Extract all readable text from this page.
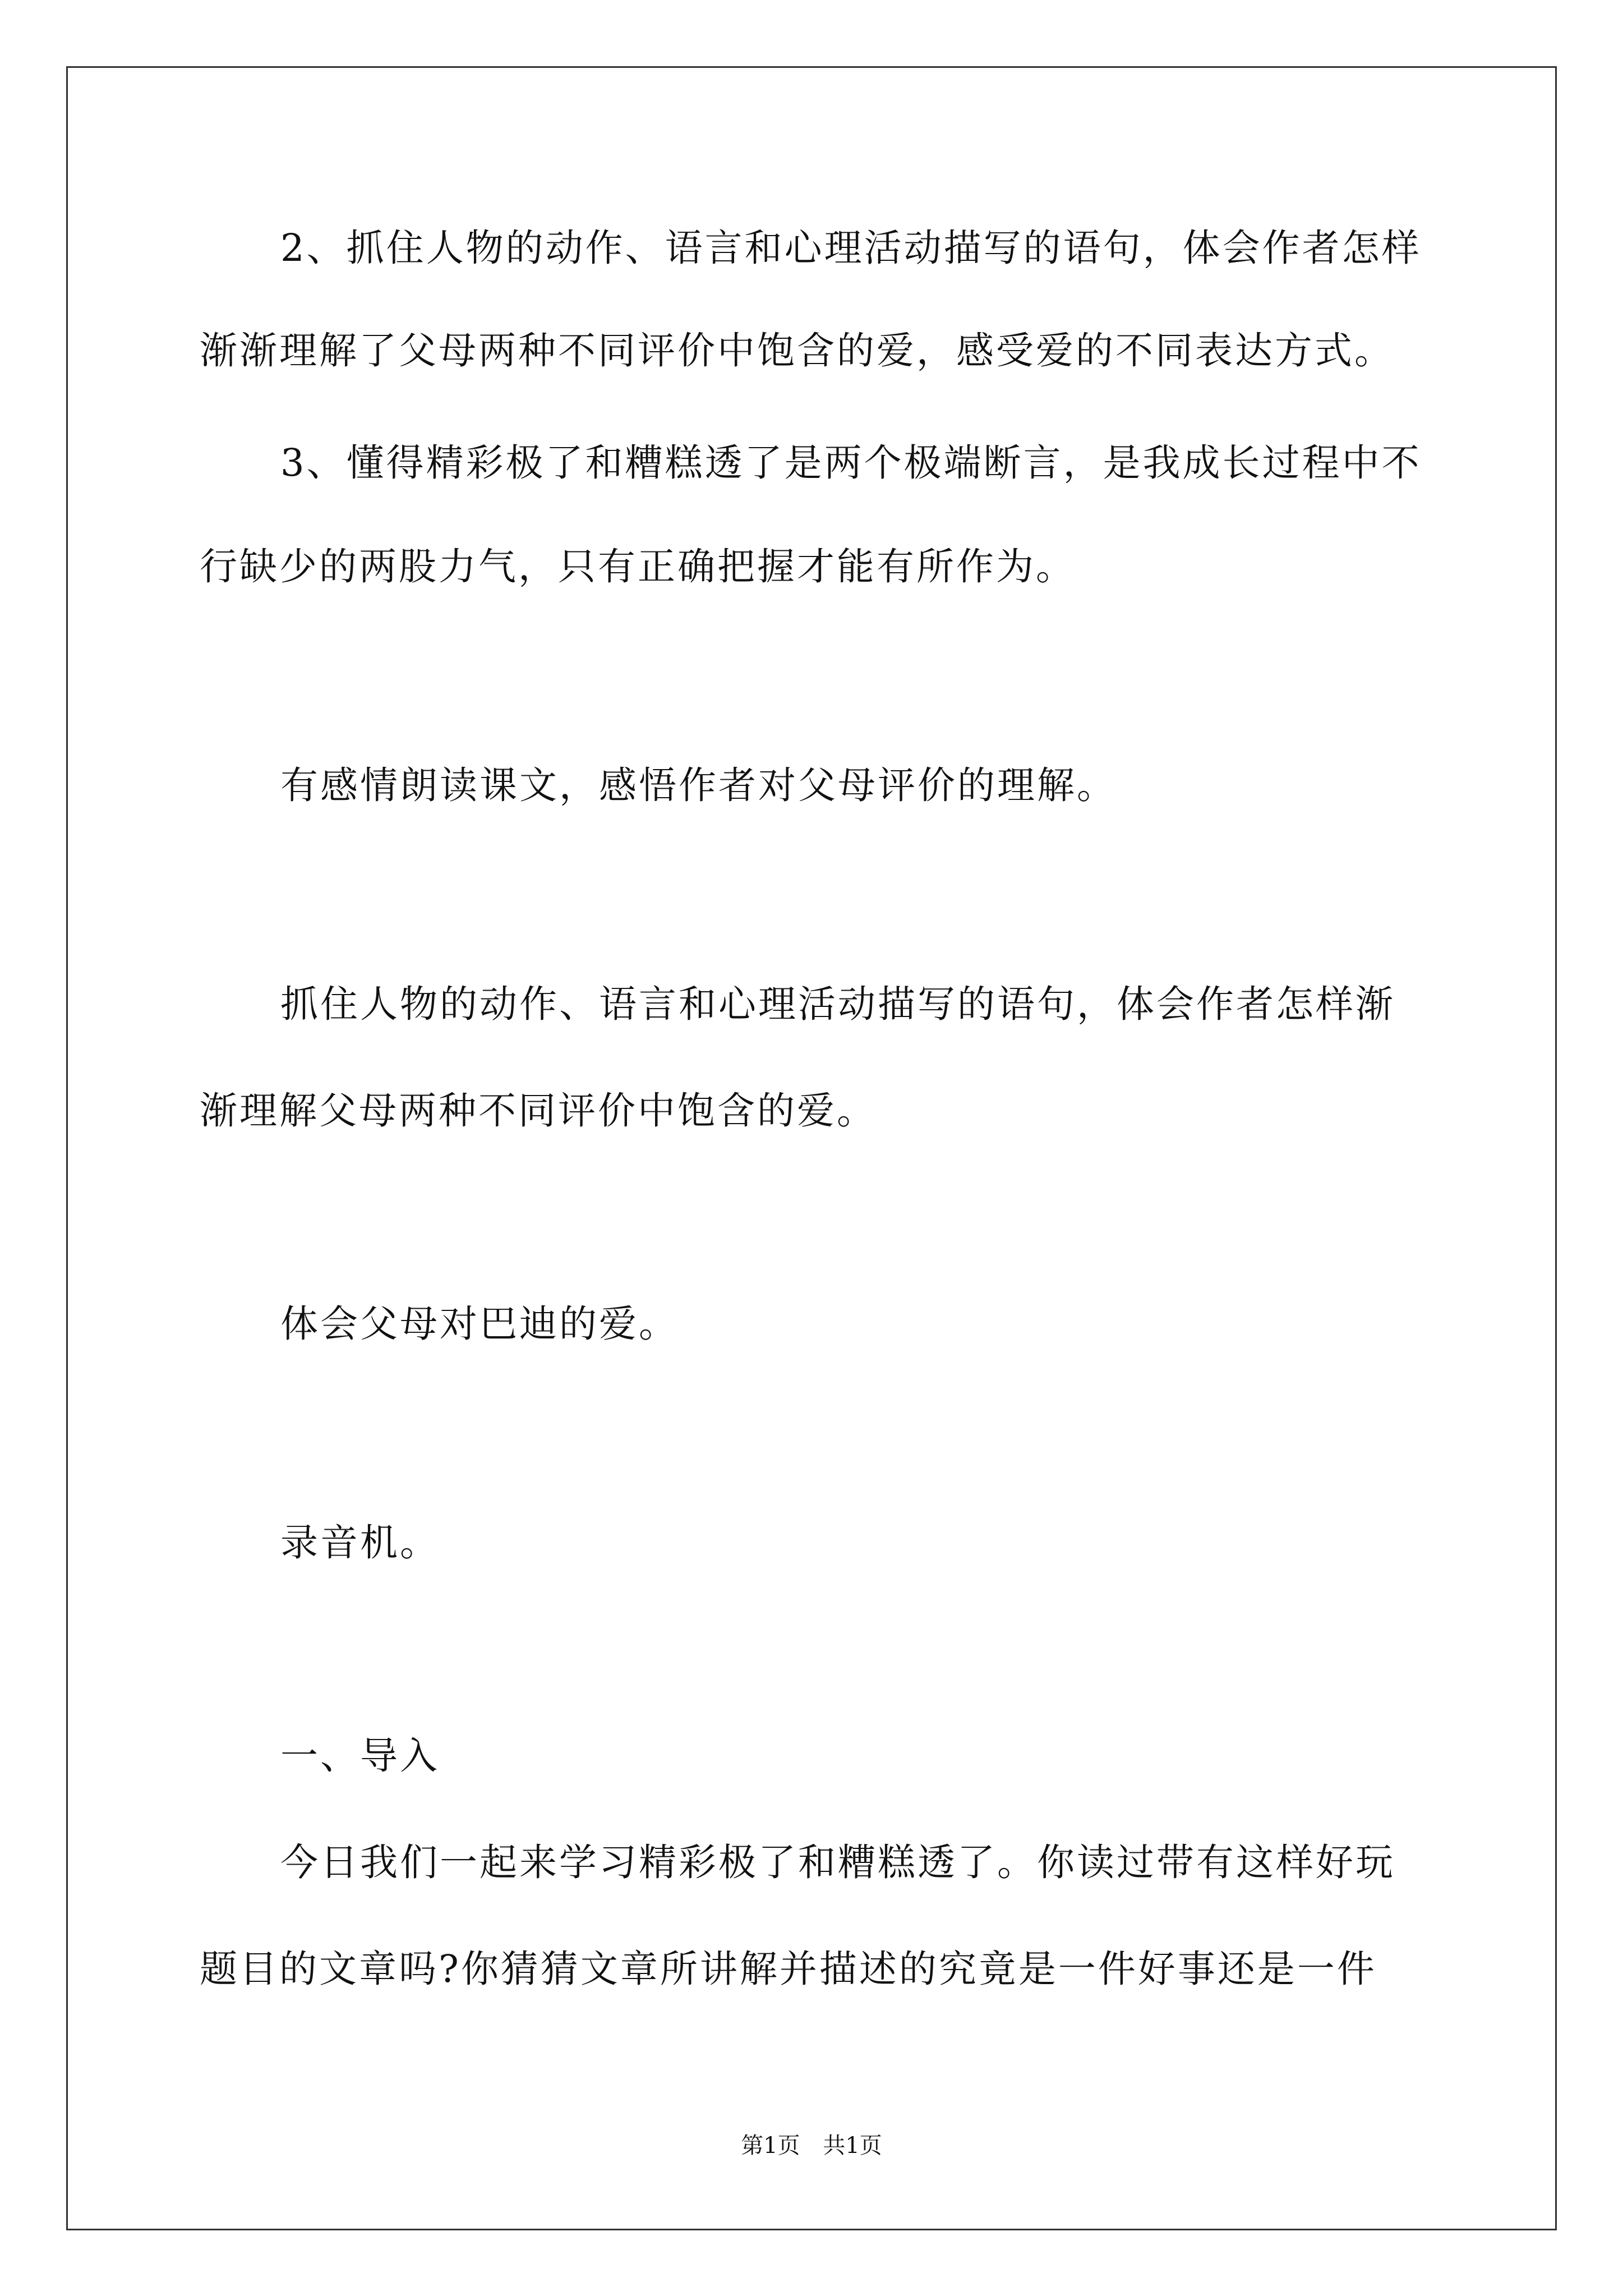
2、抓住人物的动作、语言和心理活动描写的语句，体会作者怎样
渐渐理解了父母两种不同评价中饱含的爱，感受爱的不同表达方式。
3、懂得精彩极了和糟糕透了是两个极端断言，是我成长过程中不
行缺少的两股力气，只有正确把握才能有所作为。
有感情朗读课文，感悟作者对父母评价的理解。
抓住人物的动作、语言和心理活动描写的语句，体会作者怎样渐
渐理解父母两种不同评价中饱含的爱。
体会父母对巴迪的爱。
录音机。
一、导入
今日我们一起来学习精彩极了和糟糕透了。你读过带有这样好玩
题目的文章吗?你猜猜文章所讲解并描述的究竟是一件好事还是一件
第1页 共1页
